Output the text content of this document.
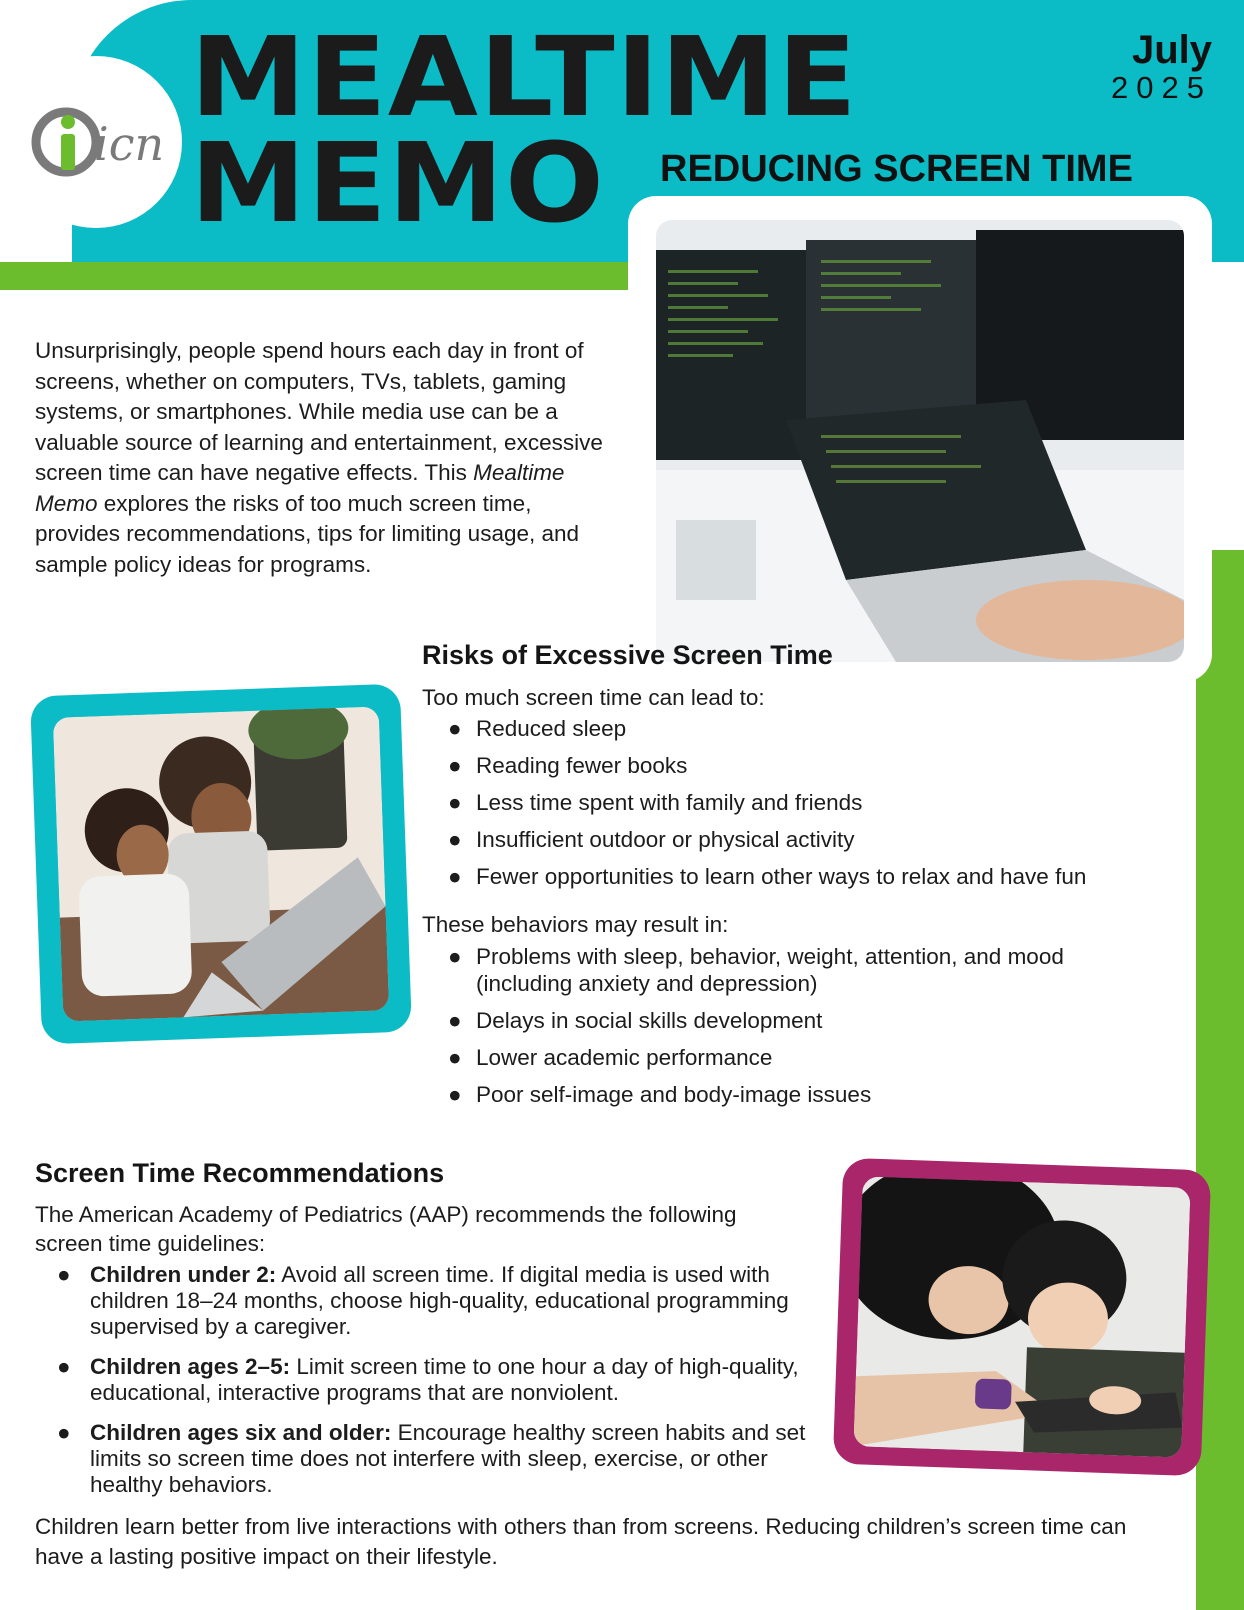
icn
MEALTIME
MEMO REDUCING SCREEN TIME
July
2025
Unsurprisingly, people spend hours each day in front of screens, whether on computers, TVs, tablets, gaming systems, or smartphones. While media use can be a valuable source of learning and entertainment, excessive screen time can have negative effects. This Mealtime Memo explores the risks of too much screen time, provides recommendations, tips for limiting usage, and sample policy ideas for programs.
Risks of Excessive Screen Time
Too much screen time can lead to:
● Reduced sleep
● Reading fewer books
● Less time spent with family and friends
● Insufficient outdoor or physical activity
● Fewer opportunities to learn other ways to relax and have fun
These behaviors may result in:
● Problems with sleep, behavior, weight, attention, and mood (including anxiety and depression)
● Delays in social skills development
● Lower academic performance
● Poor self-image and body-image issues
Screen Time Recommendations
The American Academy of Pediatrics (AAP) recommends the following screen time guidelines:
● Children under 2: Avoid all screen time. If digital media is used with children 18–24 months, choose high-quality, educational programming supervised by a caregiver.
● Children ages 2–5: Limit screen time to one hour a day of high-quality, educational, interactive programs that are nonviolent.
● Children ages six and older: Encourage healthy screen habits and set limits so screen time does not interfere with sleep, exercise, or other healthy behaviors.
Children learn better from live interactions with others than from screens. Reducing children’s screen time can have a lasting positive impact on their lifestyle.
